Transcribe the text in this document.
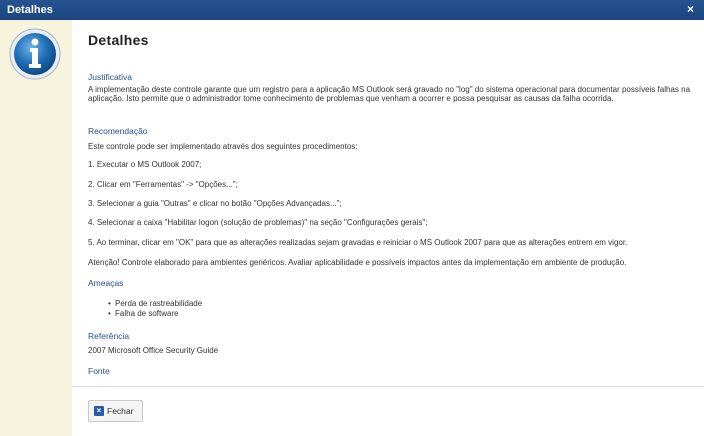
Detalhes	×
Detalhes
Justificativa
A implementação deste controle garante que um registro para a aplicação MS Outlook será gravado no "log" do sistema operacional para documentar possíveis falhas na aplicação. Isto permite que o administrador tome conhecimento de problemas que venham a ocorrer e possa pesquisar as causas da falha ocorrida.
Recomendação
Este controle pode ser implementado através dos seguintes procedimentos:
1. Executar o MS Outlook 2007;
2. Clicar em "Ferramentas" -> "Opções...";
3. Selecionar a guia "Outras" e clicar no botão "Opções Advançadas...";
4. Selecionar a caixa "Habilitar logon (solução de problemas)" na seção "Configurações gerais";
5. Ao terminar, clicar em "OK" para que as alterações realizadas sejam gravadas e reiniciar o MS Outlook 2007 para que as alterações entrem em vigor.
Atenção! Controle elaborado para ambientes genéricos. Avaliar aplicabilidade e possíveis impactos antes da implementação em ambiente de produção.
Ameaças
• Perda de rastreabilidade
• Falha de software
Referência
2007 Microsoft Office Security Guide
Fonte
× Fechar
